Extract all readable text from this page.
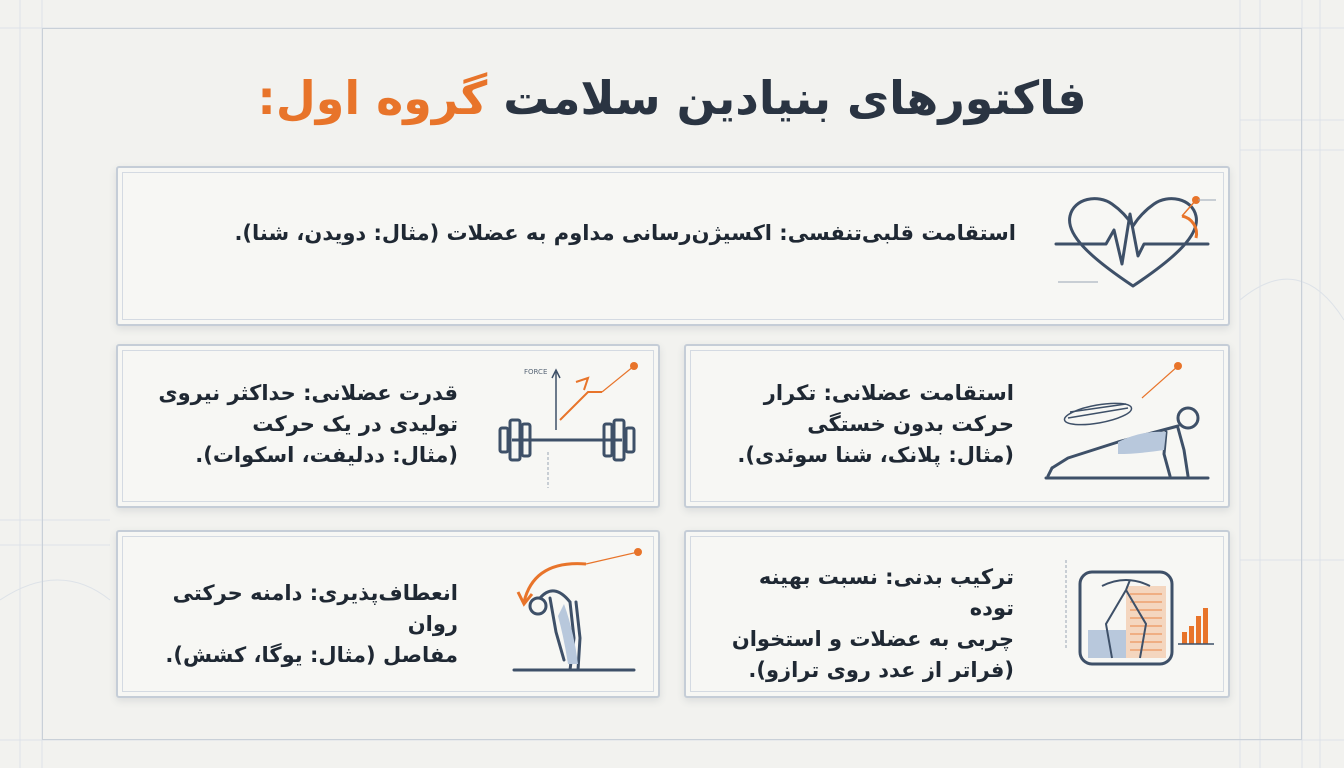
فاکتورهای بنیادین سلامت گروه اول:
استقامت قلبی‌تنفسی: اکسیژن‌رسانی مداوم به عضلات (مثال: دویدن، شنا).
قدرت عضلانی: حداکثر نیروی
تولیدی در یک حرکت
(مثال: ددلیفت، اسکوات).
FORCE
استقامت عضلانی: تکرار
حرکت بدون خستگی
(مثال: پلانک، شنا سوئدی).
انعطاف‌پذیری: دامنه حرکتی روان
مفاصل (مثال: یوگا، کشش).
ترکیب بدنی: نسبت بهینه توده
چربی به عضلات و استخوان
(فراتر از عدد روی ترازو).
